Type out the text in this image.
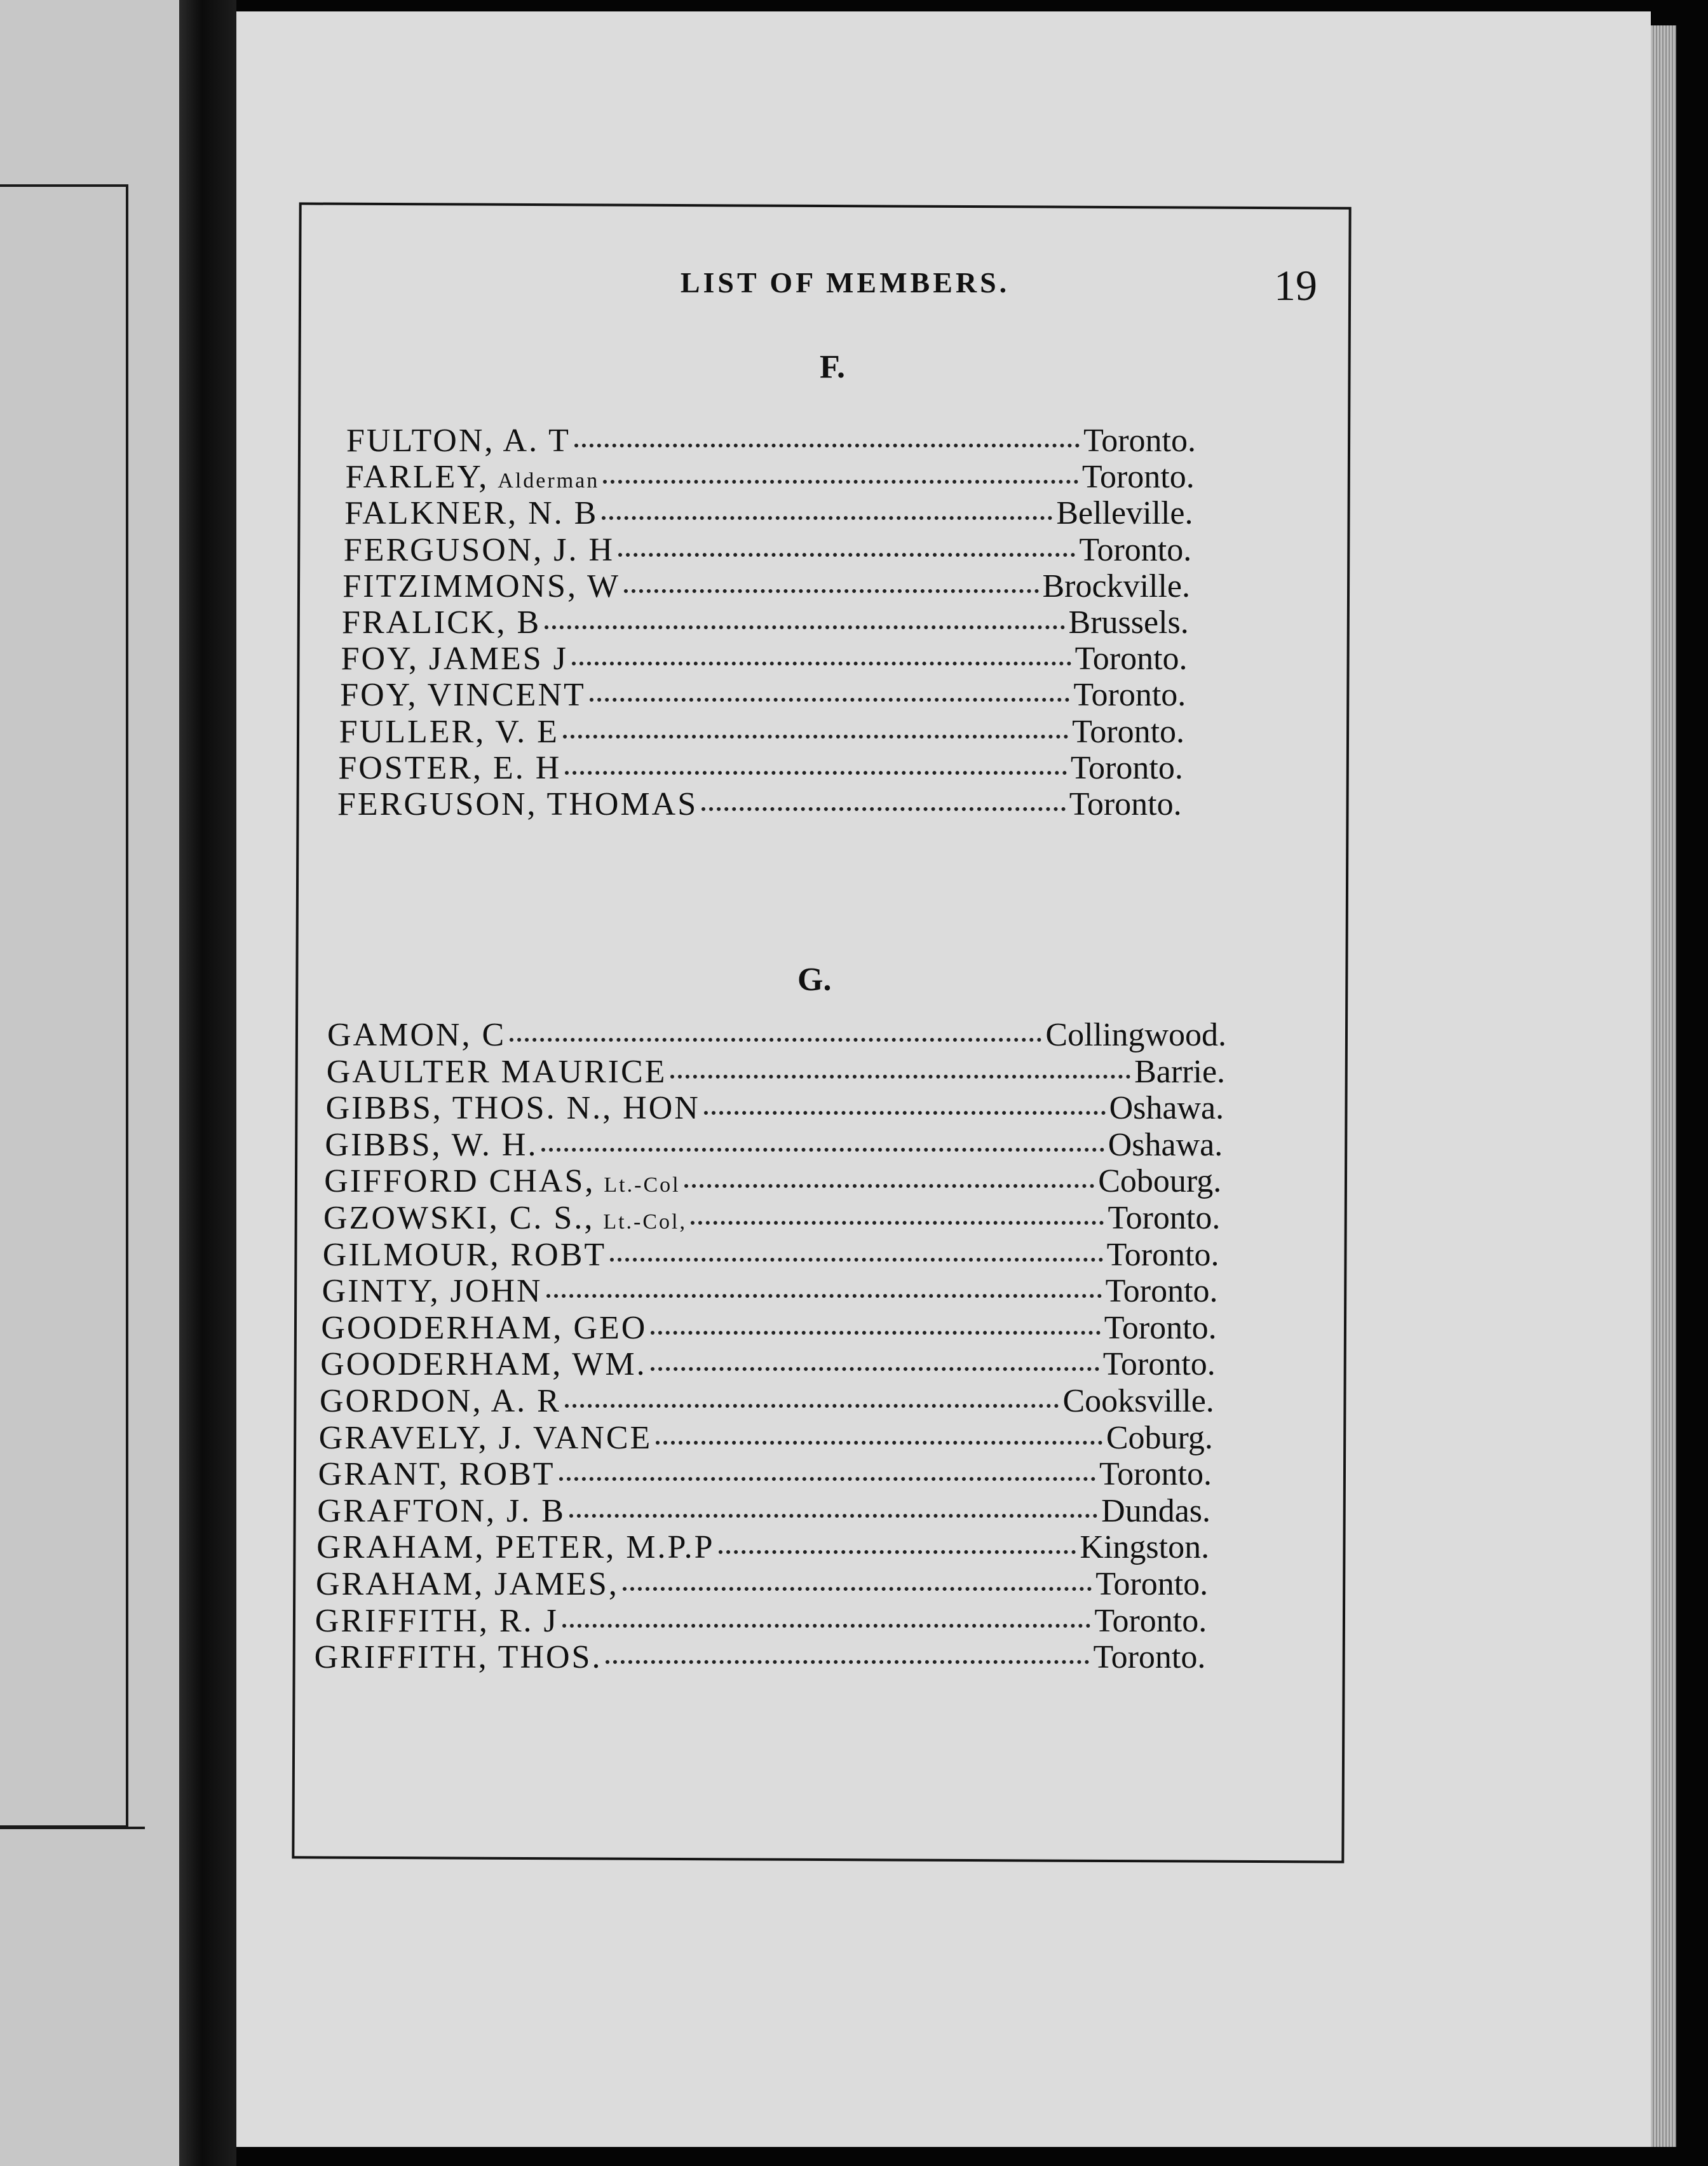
LIST OF MEMBERS.	19
F.
G.
FULTON, A. T	Toronto.
FARLEY, Alderman	Toronto.
FALKNER, N. B	Belleville.
FERGUSON, J. H	Toronto.
FITZIMMONS, W	Brockville.
FRALICK, B	Brussels.
FOY, JAMES J	Toronto.
FOY, VINCENT	Toronto.
FULLER, V. E	Toronto.
FOSTER, E. H	Toronto.
FERGUSON, THOMAS	Toronto.
GAMON, C	Collingwood.
GAULTER MAURICE	Barrie.
GIBBS, THOS. N., HON	Oshawa.
GIBBS, W. H.	Oshawa.
GIFFORD CHAS, Lt.-Col	Cobourg.
GZOWSKI, C. S., Lt.-Col,	Toronto.
GILMOUR, ROBT	Toronto.
GINTY, JOHN	Toronto.
GOODERHAM, GEO	Toronto.
GOODERHAM, WM.	Toronto.
GORDON, A. R	Cooksville.
GRAVELY, J. VANCE	Coburg.
GRANT, ROBT	Toronto.
GRAFTON, J. B	Dundas.
GRAHAM, PETER, M.P.P	Kingston.
GRAHAM, JAMES,	Toronto.
GRIFFITH, R. J	Toronto.
GRIFFITH, THOS.	Toronto.
